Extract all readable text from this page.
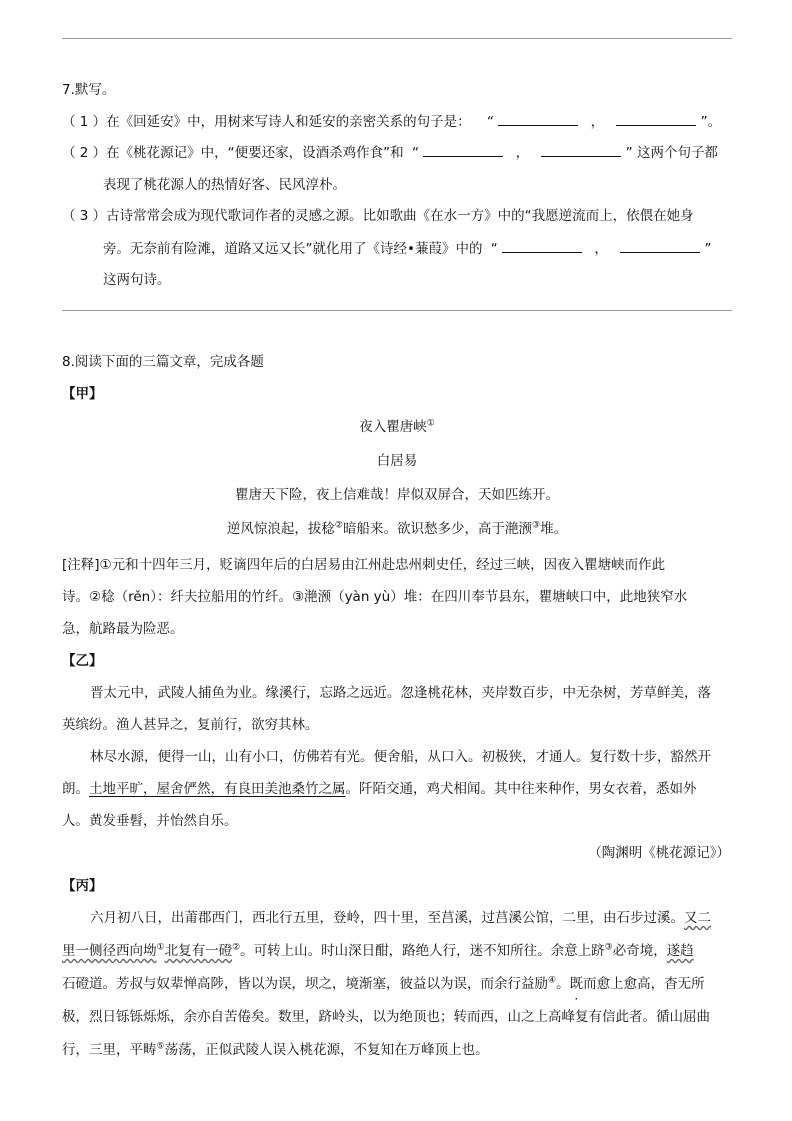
7.默写。
（ 1 ）在《回延安》中，用树来写诗人和延安的亲密关系的句子是： “	，	”。
（ 2 ）在《桃花源记》中，“便要还家，设酒杀鸡作食”和 “	，	” 这两个句子都
表现了桃花源人的热情好客、民风淳朴。
（ 3 ）古诗常常会成为现代歌词作者的灵感之源。比如歌曲《在水一方》中的“我愿逆流而上，依偎在她身
旁。无奈前有险滩，道路又远又长”就化用了《诗经•蒹葭》中的 “	，	”
这两句诗。
8.阅读下面的三篇文章，完成各题
【甲】
夜入瞿唐峡①
白居易
瞿唐天下险，夜上信难哉！岸似双屏合，天如匹练开。
逆风惊浪起，拔稔②暗船来。欲识愁多少，高于滟滪③堆。
[注释]①元和十四年三月，贬谪四年后的白居易由江州赴忠州刺史任，经过三峡，因夜入瞿塘峡而作此
诗。②稔（rěn）：纤夫拉船用的竹纤。③滟滪（yàn yù）堆：在四川奉节县东，瞿塘峡口中，此地狭窄水
急，航路最为险恶。
【乙】
晋太元中，武陵人捕鱼为业。缘溪行，忘路之远近。忽逢桃花林，夹岸数百步，中无杂树，芳草鲜美，落
英缤纷。渔人甚异之，复前行，欲穷其林。
林尽水源，便得一山，山有小口，仿佛若有光。便舍船，从口入。初极狭，才通人。复行数十步，豁然开
朗。土地平旷，屋舍俨然，有良田美池桑竹之属。阡陌交通，鸡犬相闻。其中往来种作，男女衣着，悉如外
人。黄发垂髫，并怡然自乐。
（陶渊明《桃花源记》）
【丙】
六月初八日，出莆郡西门，西北行五里，登岭，四十里，至莒溪，过莒溪公馆，二里，由石步过溪。又二
里一侧径西向坳①北复有一磴②。可转上山。时山深日酣，路绝人行，迷不知所往。余意上跻③必奇境，遂趋
石磴道。芳叔与奴辈惮高陟，皆以为误，坝之，境渐塞，彼益以为误，而余行益励④。既而愈上愈高，杳无所
极，烈日铄铄烁烁，余亦自苦倦矣。数里，跻岭头，以为绝顶也；转而西，山之上高峰复有信此者。循山屈曲
行，三里，平畴⑤荡荡，正似武陵人误入桃花源，不复知在万峰顶上也。
